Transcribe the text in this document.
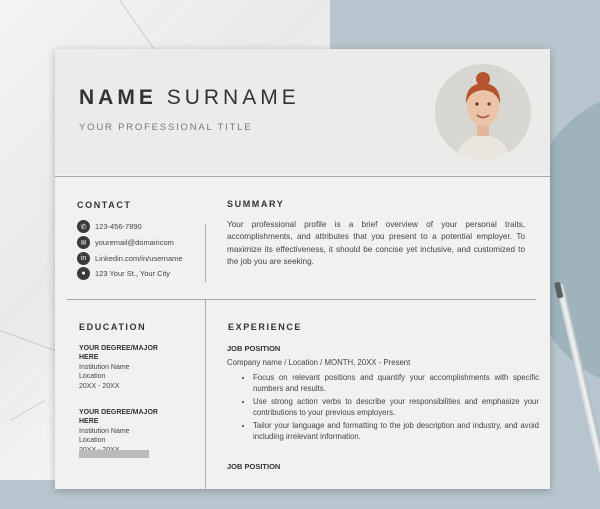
NAME SURNAME
YOUR PROFESSIONAL TITLE
CONTACT
✆	123-456-7890
✉	youremail@domaincom
in	Linkedin.com/in/username
●	123 Your St., Your City
SUMMARY
Your professional profile is a brief overview of your personal traits, accomplishments, and attributes that you present to a potential employer. To maximize its effectiveness, it should be concise yet inclusive, and customized to the job you are seeking.
EDUCATION
YOUR DEGREE/MAJOR HERE
Institution Name
Location
20XX - 20XX
YOUR DEGREE/MAJOR HERE
Institution Name
Location
EXPERIENCE
JOB POSITION
Company name / Location / MONTH, 20XX - Present
• Focus on relevant positions and quantify your accomplishments with specific numbers and results.
• Use strong action verbs to describe your responsibilities and emphasize your contributions to your previous employers.
• Tailor your language and formatting to the job description and industry, and avoid including irrelevant information.
JOB POSITION
